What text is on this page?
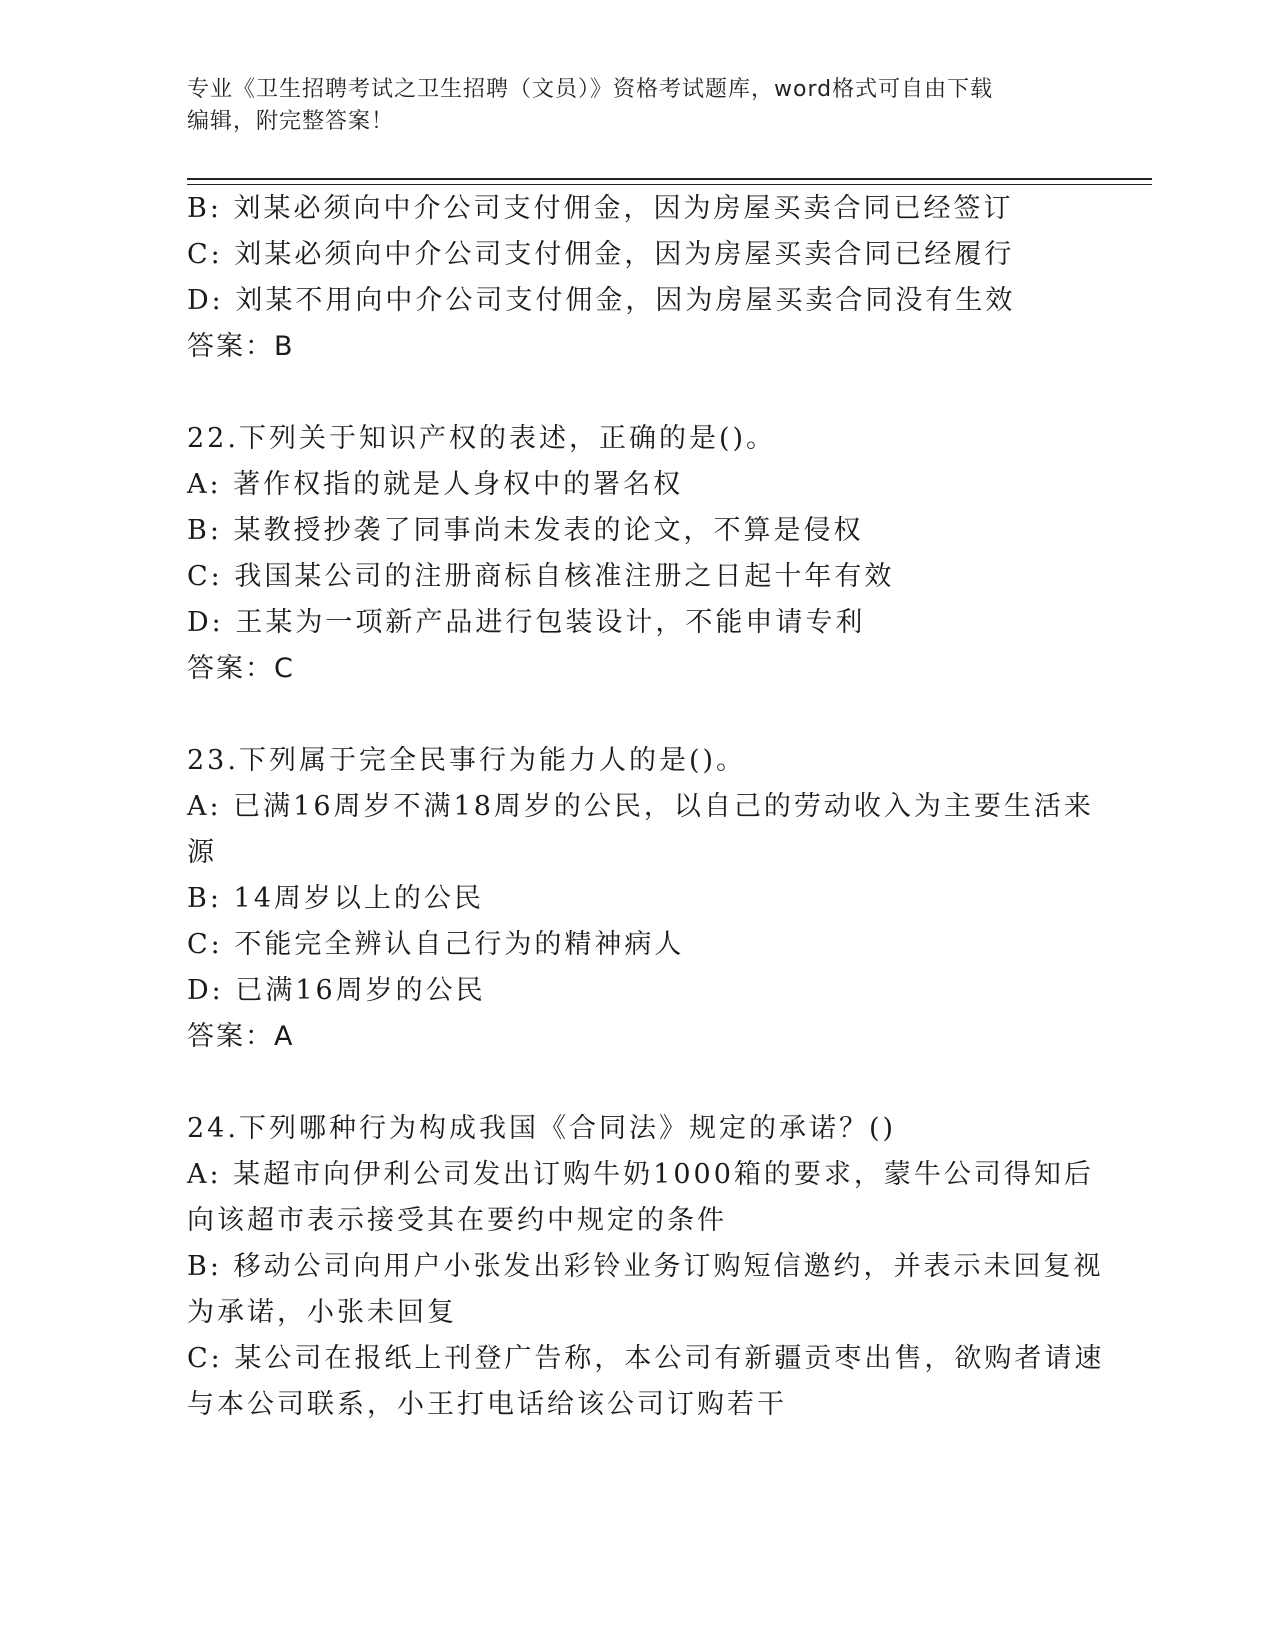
专业《卫生招聘考试之卫生招聘（文员）》资格考试题库，word格式可自由下载
编辑，附完整答案！
B: 刘某必须向中介公司支付佣金，因为房屋买卖合同已经签订
C: 刘某必须向中介公司支付佣金，因为房屋买卖合同已经履行
D: 刘某不用向中介公司支付佣金，因为房屋买卖合同没有生效
答案：B
22.下列关于知识产权的表述，正确的是()。
A: 著作权指的就是人身权中的署名权
B: 某教授抄袭了同事尚未发表的论文，不算是侵权
C: 我国某公司的注册商标自核准注册之日起十年有效
D: 王某为一项新产品进行包装设计，不能申请专利
答案：C
23.下列属于完全民事行为能力人的是()。
A: 已满16周岁不满18周岁的公民，以自己的劳动收入为主要生活来
源
B: 14周岁以上的公民
C: 不能完全辨认自己行为的精神病人
D: 已满16周岁的公民
答案：A
24.下列哪种行为构成我国《合同法》规定的承诺？()
A: 某超市向伊利公司发出订购牛奶1000箱的要求，蒙牛公司得知后
向该超市表示接受其在要约中规定的条件
B: 移动公司向用户小张发出彩铃业务订购短信邀约，并表示未回复视
为承诺，小张未回复
C: 某公司在报纸上刊登广告称，本公司有新疆贡枣出售，欲购者请速
与本公司联系，小王打电话给该公司订购若干
